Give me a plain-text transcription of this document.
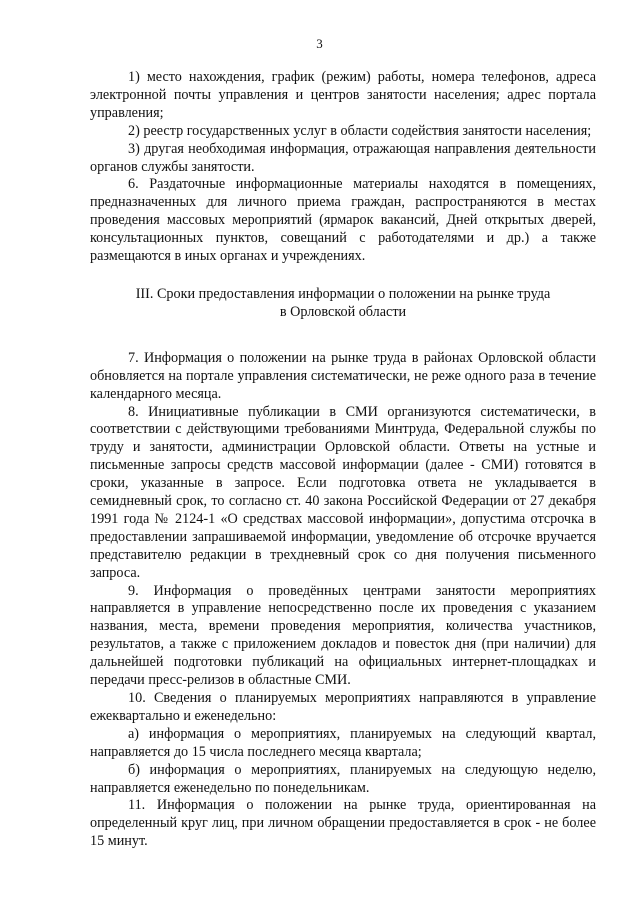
3

1) место нахождения, график (режим) работы, номера телефонов, адреса электронной почты управления и центров занятости населения; адрес портала управления;

2) реестр государственных услуг в области содействия занятости населения;

3) другая необходимая информация, отражающая направления деятельности органов службы занятости.

6. Раздаточные информационные материалы находятся в помещениях, предназначенных для личного приема граждан, распространяются в местах проведения массовых мероприятий (ярмарок вакансий, Дней открытых дверей, консультационных пунктов, совещаний с работодателями и др.) а также размещаются в иных органах и учреждениях.

III. Сроки предоставления информации о положении на рынке труда
в Орловской области

7. Информация о положении на рынке труда в районах Орловской области обновляется на портале управления систематически, не реже одного раза в течение календарного месяца.

8. Инициативные публикации в СМИ организуются систематически, в соответствии с действующими требованиями Минтруда, Федеральной службы по труду и занятости, администрации Орловской области. Ответы на устные и письменные запросы средств массовой информации (далее - СМИ) готовятся в сроки, указанные в запросе. Если подготовка ответа не укладывается в семидневный срок, то согласно ст. 40 закона Российской Федерации от 27 декабря 1991 года № 2124-1 «О средствах массовой информации», допустима отсрочка в предоставлении запрашиваемой информации, уведомление об отсрочке вручается представителю редакции в трехдневный срок со дня получения письменного запроса.

9. Информация о проведённых центрами занятости мероприятиях направляется в управление непосредственно после их проведения с указанием названия, места, времени проведения мероприятия, количества участников, результатов, а также с приложением докладов и повесток дня (при наличии) для дальнейшей подготовки публикаций на официальных интернет-площадках и передачи пресс-релизов в областные СМИ.

10. Сведения о планируемых мероприятиях направляются в управление ежеквартально и еженедельно:

а) информация о мероприятиях, планируемых на следующий квартал, направляется до 15 числа последнего месяца квартала;

б) информация о мероприятиях, планируемых на следующую неделю, направляется еженедельно по понедельникам.

11. Информация о положении на рынке труда, ориентированная на определенный круг лиц, при личном обращении предоставляется в срок - не более 15 минут.
